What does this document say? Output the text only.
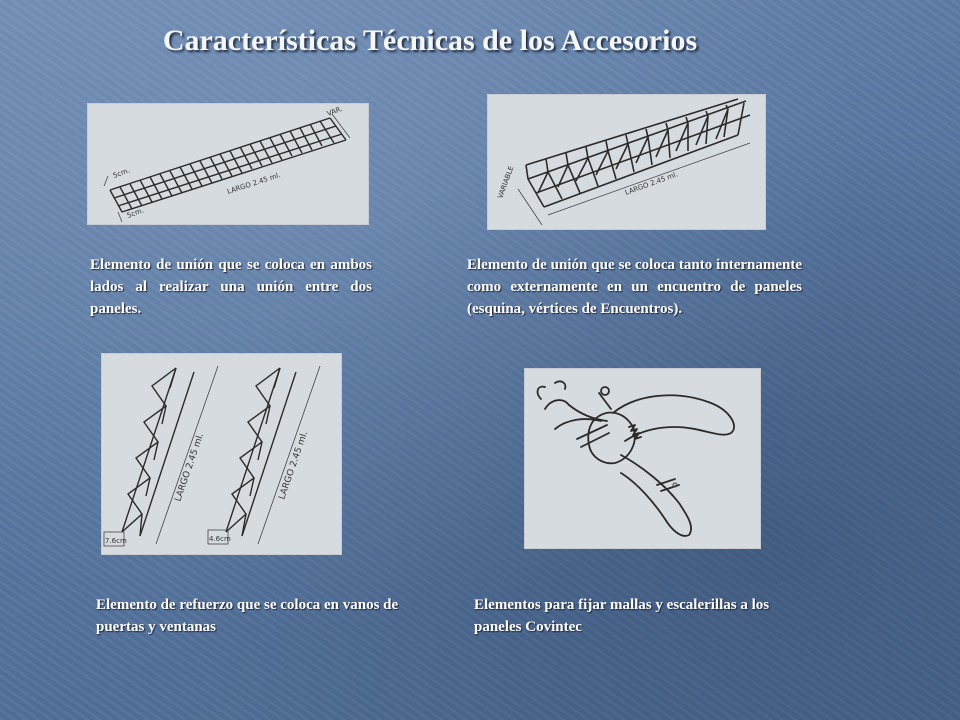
Características Técnicas de los Accesorios
VAR.
5cm.
5cm.
LARGO 2.45 ml.	VARIABLE	LARGO 2.45 ml.
Elemento de unión que se coloca en ambos lados al realizar una unión entre dos paneles.
Elemento de unión que se coloca tanto internamente como externamente en un encuentro de paneles (esquina, vértices de Encuentros).
LARGO 2.45 ml.	LARGO 2.45 ml.
7.6cm	4.6cm
Elemento de refuerzo que se coloca en vanos de puertas y ventanas
Elementos para fijar mallas y escalerillas a los paneles Covintec
